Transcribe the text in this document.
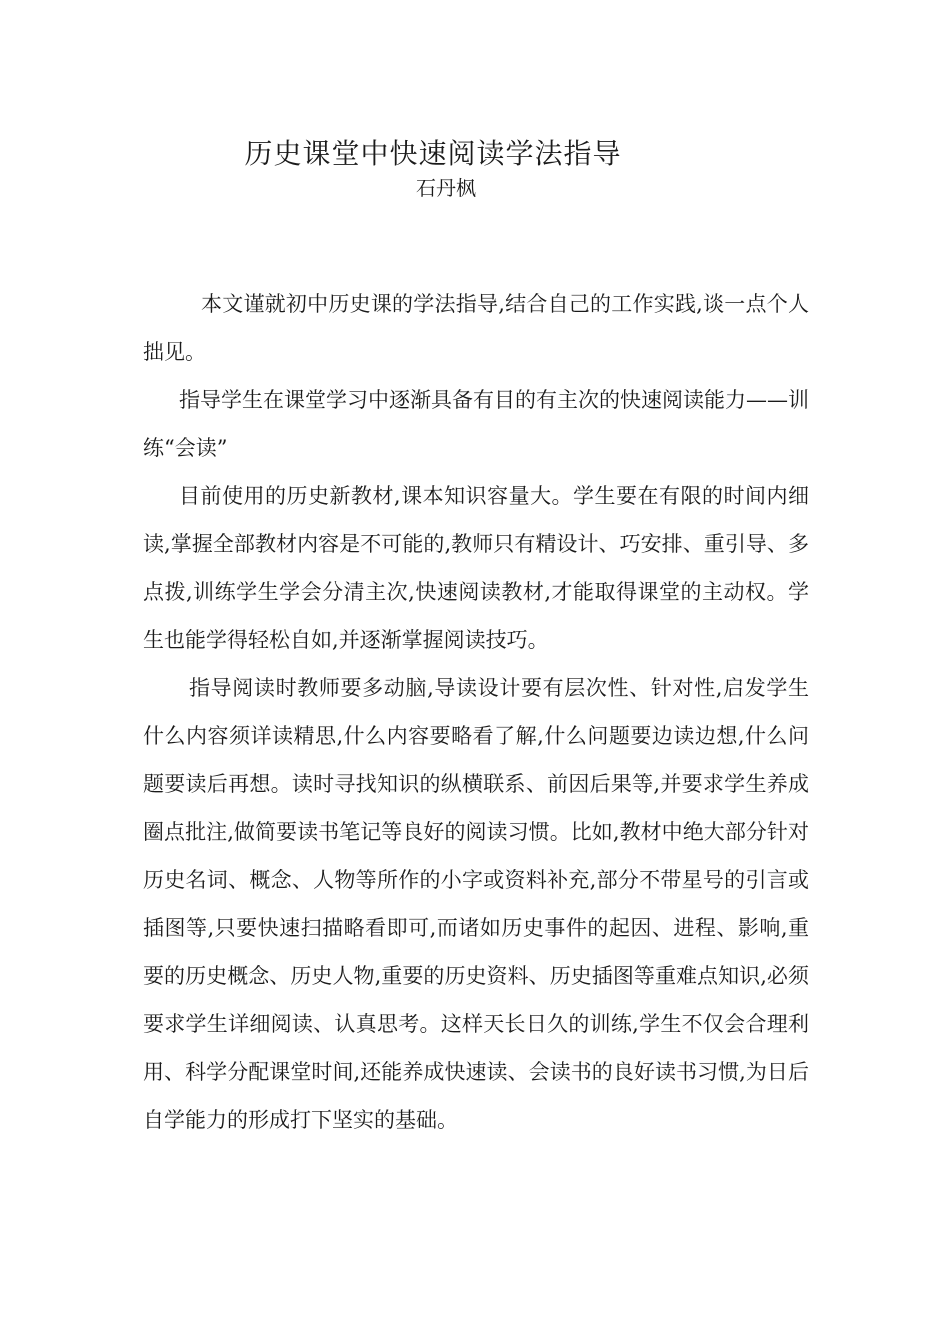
历史课堂中快速阅读学法指导
石丹枫

本文谨就初中历史课的学法指导,结合自己的工作实践,谈一点个人拙见。

指导学生在课堂学习中逐渐具备有目的有主次的快速阅读能力——训练“会读”

目前使用的历史新教材,课本知识容量大。学生要在有限的时间内细读,掌握全部教材内容是不可能的,教师只有精设计、巧安排、重引导、多点拨,训练学生学会分清主次,快速阅读教材,才能取得课堂的主动权。学生也能学得轻松自如,并逐渐掌握阅读技巧。

指导阅读时教师要多动脑,导读设计要有层次性、针对性,启发学生什么内容须详读精思,什么内容要略看了解,什么问题要边读边想,什么问题要读后再想。读时寻找知识的纵横联系、前因后果等,并要求学生养成圈点批注,做简要读书笔记等良好的阅读习惯。比如,教材中绝大部分针对历史名词、概念、人物等所作的小字或资料补充,部分不带星号的引言或插图等,只要快速扫描略看即可,而诸如历史事件的起因、进程、影响,重要的历史概念、历史人物,重要的历史资料、历史插图等重难点知识,必须要求学生详细阅读、认真思考。这样天长日久的训练,学生不仅会合理利用、科学分配课堂时间,还能养成快速读、会读书的良好读书习惯,为日后自学能力的形成打下坚实的基础。
